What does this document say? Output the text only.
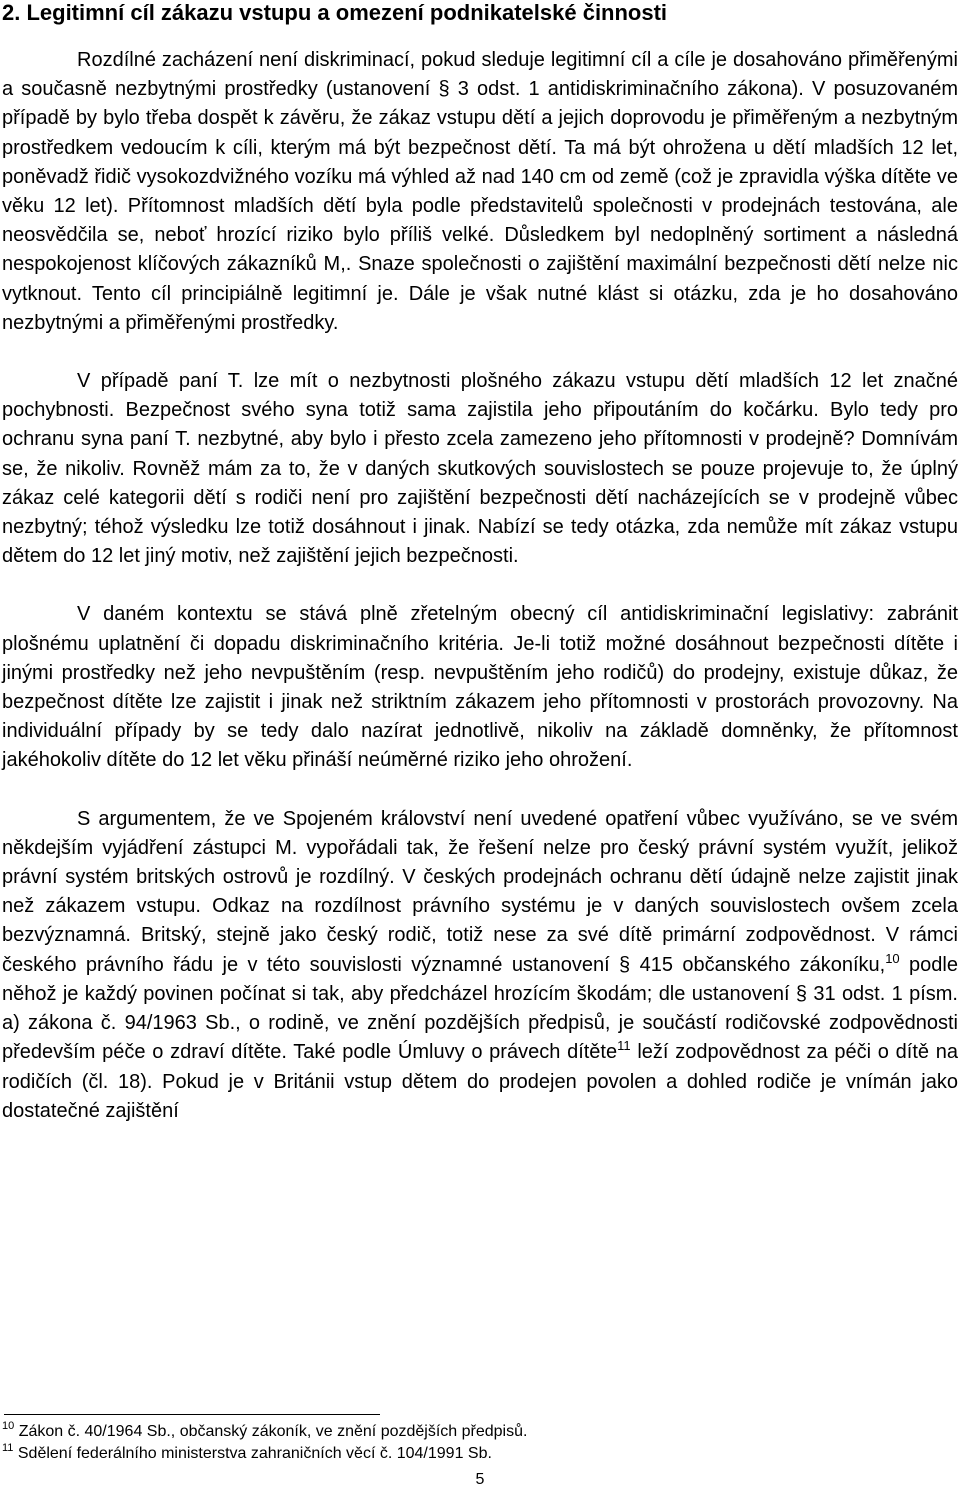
2. Legitimní cíl zákazu vstupu a omezení podnikatelské činnosti

Rozdílné zacházení není diskriminací, pokud sleduje legitimní cíl a cíle je dosahováno přiměřenými a současně nezbytnými prostředky (ustanovení § 3 odst. 1 antidiskriminačního zákona). V posuzovaném případě by bylo třeba dospět k závěru, že zákaz vstupu dětí a jejich doprovodu je přiměřeným a nezbytným prostředkem vedoucím k cíli, kterým má být bezpečnost dětí. Ta má být ohrožena u dětí mladších 12 let, poněvadž řidič vysokozdvižného vozíku má výhled až nad 140 cm od země (což je zpravidla výška dítěte ve věku 12 let). Přítomnost mladších dětí byla podle představitelů společnosti v prodejnách testována, ale neosvědčila se, neboť hrozící riziko bylo příliš velké. Důsledkem byl nedoplněný sortiment a následná nespokojenost klíčových zákazníků M,. Snaze společnosti o zajištění maximální bezpečnosti dětí nelze nic vytknout. Tento cíl principiálně legitimní je. Dále je však nutné klást si otázku, zda je ho dosahováno nezbytnými a přiměřenými prostředky.

V případě paní T. lze mít o nezbytnosti plošného zákazu vstupu dětí mladších 12 let značné pochybnosti. Bezpečnost svého syna totiž sama zajistila jeho připoutáním do kočárku. Bylo tedy pro ochranu syna paní T. nezbytné, aby bylo i přesto zcela zamezeno jeho přítomnosti v prodejně? Domnívám se, že nikoliv. Rovněž mám za to, že v daných skutkových souvislostech se pouze projevuje to, že úplný zákaz celé kategorii dětí s rodiči není pro zajištění bezpečnosti dětí nacházejících se v prodejně vůbec nezbytný; téhož výsledku lze totiž dosáhnout i jinak. Nabízí se tedy otázka, zda nemůže mít zákaz vstupu dětem do 12 let jiný motiv, než zajištění jejich bezpečnosti.

V daném kontextu se stává plně zřetelným obecný cíl antidiskriminační legislativy: zabránit plošnému uplatnění či dopadu diskriminačního kritéria. Je-li totiž možné dosáhnout bezpečnosti dítěte i jinými prostředky než jeho nevpuštěním (resp. nevpuštěním jeho rodičů) do prodejny, existuje důkaz, že bezpečnost dítěte lze zajistit i jinak než striktním zákazem jeho přítomnosti v prostorách provozovny. Na individuální případy by se tedy dalo nazírat jednotlivě, nikoliv na základě domněnky, že přítomnost jakéhokoliv dítěte do 12 let věku přináší neúměrné riziko jeho ohrožení.

S argumentem, že ve Spojeném království není uvedené opatření vůbec využíváno, se ve svém někdejším vyjádření zástupci M. vypořádali tak, že řešení nelze pro český právní systém využít, jelikož právní systém britských ostrovů je rozdílný. V českých prodejnách ochranu dětí údajně nelze zajistit jinak než zákazem vstupu. Odkaz na rozdílnost právního systému je v daných souvislostech ovšem zcela bezvýznamná. Britský, stejně jako český rodič, totiž nese za své dítě primární zodpovědnost. V rámci českého právního řádu je v této souvislosti významné ustanovení § 415 občanského zákoníku,$^{10}$ podle něhož je každý povinen počínat si tak, aby předcházel hrozícím škodám; dle ustanovení § 31 odst. 1 písm. a) zákona č. 94/1963 Sb., o rodině, ve znění pozdějších předpisů, je součástí rodičovské zodpovědnosti především péče o zdraví dítěte. Také podle Úmluvy o právech dítěte$^{11}$ leží zodpovědnost za péči o dítě na rodičích (čl. 18). Pokud je v Británii vstup dětem do prodejen povolen a dohled rodiče je vnímán jako dostatečné zajištění

$^{10}$ Zákon č. 40/1964 Sb., občanský zákoník, ve znění pozdějších předpisů.

$^{11}$ Sdělení federálního ministerstva zahraničních věcí č. 104/1991 Sb.

5
